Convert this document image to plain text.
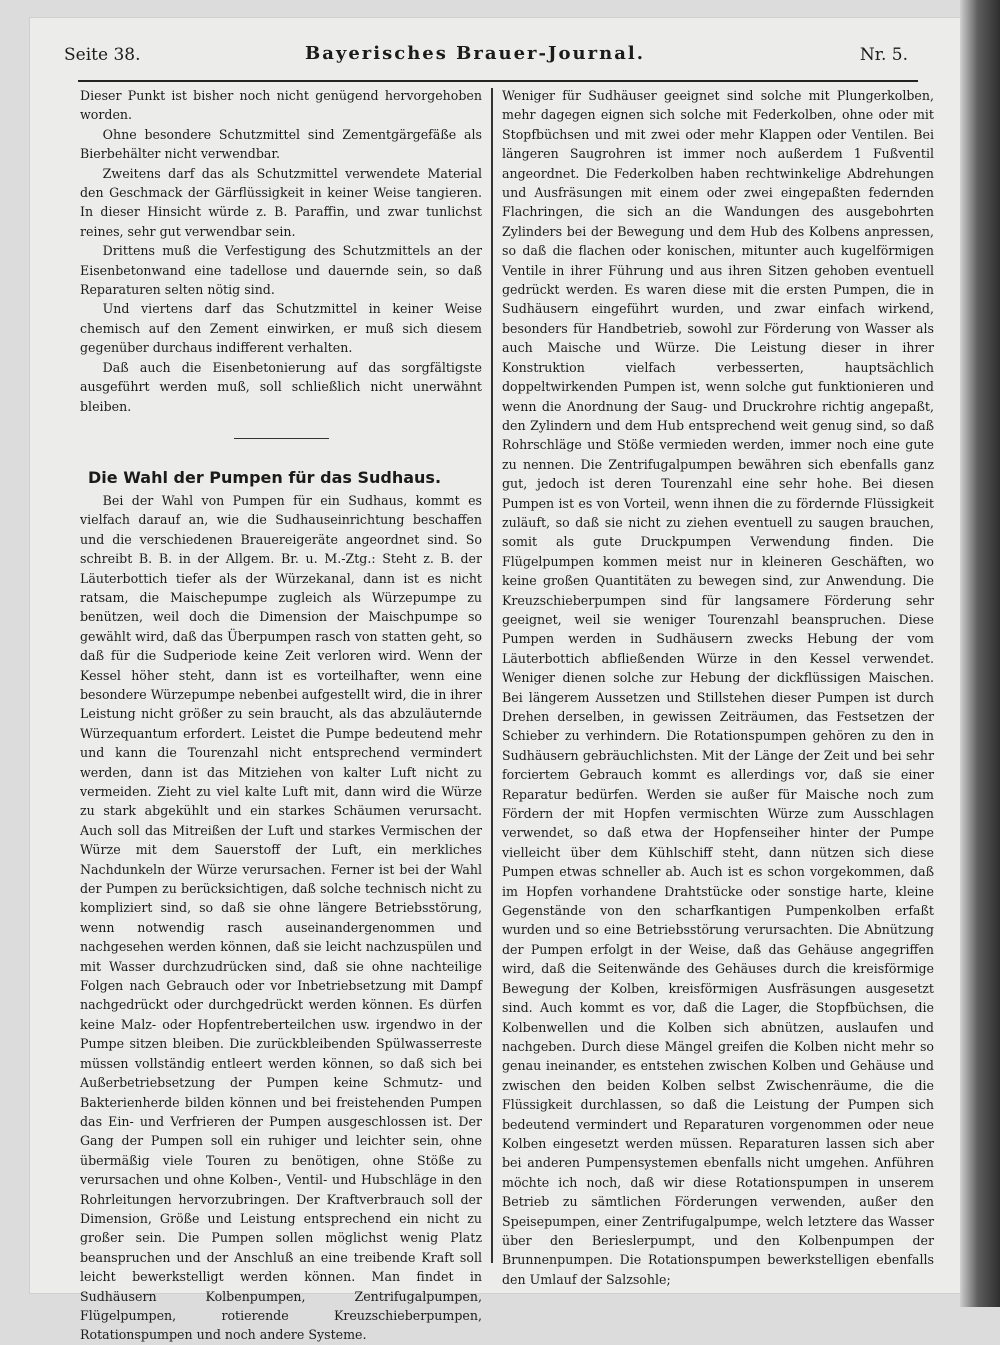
Seite 38.	Bayerisches Brauer-Journal.	Nr. 5.

Dieser Punkt ist bisher noch nicht genügend hervorgehoben worden.

Ohne besondere Schutzmittel sind Zementgärgefäße als Bierbehälter nicht verwendbar.

Zweitens darf das als Schutzmittel verwendete Material den Geschmack der Gärflüssigkeit in keiner Weise tangieren. In dieser Hinsicht würde z. B. Paraffin, und zwar tunlichst reines, sehr gut verwendbar sein.

Drittens muß die Verfestigung des Schutzmittels an der Eisenbetonwand eine tadellose und dauernde sein, so daß Reparaturen selten nötig sind.

Und viertens darf das Schutzmittel in keiner Weise chemisch auf den Zement einwirken, er muß sich diesem gegenüber durchaus indifferent verhalten.

Daß auch die Eisenbetonierung auf das sorgfältigste ausgeführt werden muß, soll schließlich nicht unerwähnt bleiben.

Die Wahl der Pumpen für das Sudhaus.

Bei der Wahl von Pumpen für ein Sudhaus, kommt es vielfach darauf an, wie die Sudhauseinrichtung beschaffen und die verschiedenen Brauereigeräte angeordnet sind. So schreibt B. B. in der Allgem. Br. u. M.-Ztg.: Steht z. B. der Läuterbottich tiefer als der Würzekanal, dann ist es nicht ratsam, die Maischepumpe zugleich als Würzepumpe zu benützen, weil doch die Dimension der Maischpumpe so gewählt wird, daß das Überpumpen rasch von statten geht, so daß für die Sudperiode keine Zeit verloren wird. Wenn der Kessel höher steht, dann ist es vorteilhafter, wenn eine besondere Würzepumpe nebenbei aufgestellt wird, die in ihrer Leistung nicht größer zu sein braucht, als das abzuläuternde Würzequantum erfordert. Leistet die Pumpe bedeutend mehr und kann die Tourenzahl nicht entsprechend vermindert werden, dann ist das Mitziehen von kalter Luft nicht zu vermeiden. Zieht zu viel kalte Luft mit, dann wird die Würze zu stark abgekühlt und ein starkes Schäumen verursacht. Auch soll das Mitreißen der Luft und starkes Vermischen der Würze mit dem Sauerstoff der Luft, ein merkliches Nachdunkeln der Würze verursachen. Ferner ist bei der Wahl der Pumpen zu berücksichtigen, daß solche technisch nicht zu kompliziert sind, so daß sie ohne längere Betriebsstörung, wenn notwendig rasch auseinandergenommen und nachgesehen werden können, daß sie leicht nachzuspülen und mit Wasser durchzudrücken sind, daß sie ohne nachteilige Folgen nach Gebrauch oder vor Inbetriebsetzung mit Dampf nachgedrückt oder durchgedrückt werden können. Es dürfen keine Malz- oder Hopfentreberteilchen usw. irgendwo in der Pumpe sitzen bleiben. Die zurückbleibenden Spülwasserreste müssen vollständig entleert werden können, so daß sich bei Außerbetriebsetzung der Pumpen keine Schmutz- und Bakterienherde bilden können und bei freistehenden Pumpen das Ein- und Verfrieren der Pumpen ausgeschlossen ist. Der Gang der Pumpen soll ein ruhiger und leichter sein, ohne übermäßig viele Touren zu benötigen, ohne Stöße zu verursachen und ohne Kolben-, Ventil- und Hubschläge in den Rohrleitungen hervorzubringen. Der Kraftverbrauch soll der Dimension, Größe und Leistung entsprechend ein nicht zu großer sein. Die Pumpen sollen möglichst wenig Platz beanspruchen und der Anschluß an eine treibende Kraft soll leicht bewerkstelligt werden können. Man findet in Sudhäusern Kolbenpumpen, Zentrifugalpumpen, Flügelpumpen, rotierende Kreuzschieberpumpen, Rotationspumpen und noch andere Systeme.

Weniger für Sudhäuser geeignet sind solche mit Plungerkolben, mehr dagegen eignen sich solche mit Federkolben, ohne oder mit Stopfbüchsen und mit zwei oder mehr Klappen oder Ventilen. Bei längeren Saugrohren ist immer noch außerdem 1 Fußventil angeordnet. Die Federkolben haben rechtwinkelige Abdrehungen und Ausfräsungen mit einem oder zwei eingepaßten federnden Flachringen, die sich an die Wandungen des ausgebohrten Zylinders bei der Bewegung und dem Hub des Kolbens anpressen, so daß die flachen oder konischen, mitunter auch kugelförmigen Ventile in ihrer Führung und aus ihren Sitzen gehoben eventuell gedrückt werden. Es waren diese mit die ersten Pumpen, die in Sudhäusern eingeführt wurden, und zwar einfach wirkend, besonders für Handbetrieb, sowohl zur Förderung von Wasser als auch Maische und Würze. Die Leistung dieser in ihrer Konstruktion vielfach verbesserten, hauptsächlich doppeltwirkenden Pumpen ist, wenn solche gut funktionieren und wenn die Anordnung der Saug- und Druckrohre richtig angepaßt, den Zylindern und dem Hub entsprechend weit genug sind, so daß Rohrschläge und Stöße vermieden werden, immer noch eine gute zu nennen. Die Zentrifugalpumpen bewähren sich ebenfalls ganz gut, jedoch ist deren Tourenzahl eine sehr hohe. Bei diesen Pumpen ist es von Vorteil, wenn ihnen die zu fördernde Flüssigkeit zuläuft, so daß sie nicht zu ziehen eventuell zu saugen brauchen, somit als gute Druckpumpen Verwendung finden. Die Flügelpumpen kommen meist nur in kleineren Geschäften, wo keine großen Quantitäten zu bewegen sind, zur Anwendung. Die Kreuzschieberpumpen sind für langsamere Förderung sehr geeignet, weil sie weniger Tourenzahl beanspruchen. Diese Pumpen werden in Sudhäusern zwecks Hebung der vom Läuterbottich abfließenden Würze in den Kessel verwendet. Weniger dienen solche zur Hebung der dickflüssigen Maischen. Bei längerem Aussetzen und Stillstehen dieser Pumpen ist durch Drehen derselben, in gewissen Zeiträumen, das Festsetzen der Schieber zu verhindern. Die Rotationspumpen gehören zu den in Sudhäusern gebräuchlichsten. Mit der Länge der Zeit und bei sehr forciertem Gebrauch kommt es allerdings vor, daß sie einer Reparatur bedürfen. Werden sie außer für Maische noch zum Fördern der mit Hopfen vermischten Würze zum Ausschlagen verwendet, so daß etwa der Hopfenseiher hinter der Pumpe vielleicht über dem Kühlschiff steht, dann nützen sich diese Pumpen etwas schneller ab. Auch ist es schon vorgekommen, daß im Hopfen vorhandene Drahtstücke oder sonstige harte, kleine Gegenstände von den scharfkantigen Pumpenkolben erfaßt wurden und so eine Betriebsstörung verursachten. Die Abnützung der Pumpen erfolgt in der Weise, daß das Gehäuse angegriffen wird, daß die Seitenwände des Gehäuses durch die kreisförmige Bewegung der Kolben, kreisförmigen Ausfräsungen ausgesetzt sind. Auch kommt es vor, daß die Lager, die Stopfbüchsen, die Kolbenwellen und die Kolben sich abnützen, auslaufen und nachgeben. Durch diese Mängel greifen die Kolben nicht mehr so genau ineinander, es entstehen zwischen Kolben und Gehäuse und zwischen den beiden Kolben selbst Zwischenräume, die die Flüssigkeit durchlassen, so daß die Leistung der Pumpen sich bedeutend vermindert und Reparaturen vorgenommen oder neue Kolben eingesetzt werden müssen. Reparaturen lassen sich aber bei anderen Pumpensystemen ebenfalls nicht umgehen. Anführen möchte ich noch, daß wir diese Rotationspumpen in unserem Betrieb zu sämtlichen Förderungen verwenden, außer den Speisepumpen, einer Zentrifugalpumpe, welch letztere das Wasser über den Berieslerpumpt, und den Kolbenpumpen der Brunnenpumpen. Die Rotationspumpen bewerkstelligen ebenfalls den Umlauf der Salzsohle;
